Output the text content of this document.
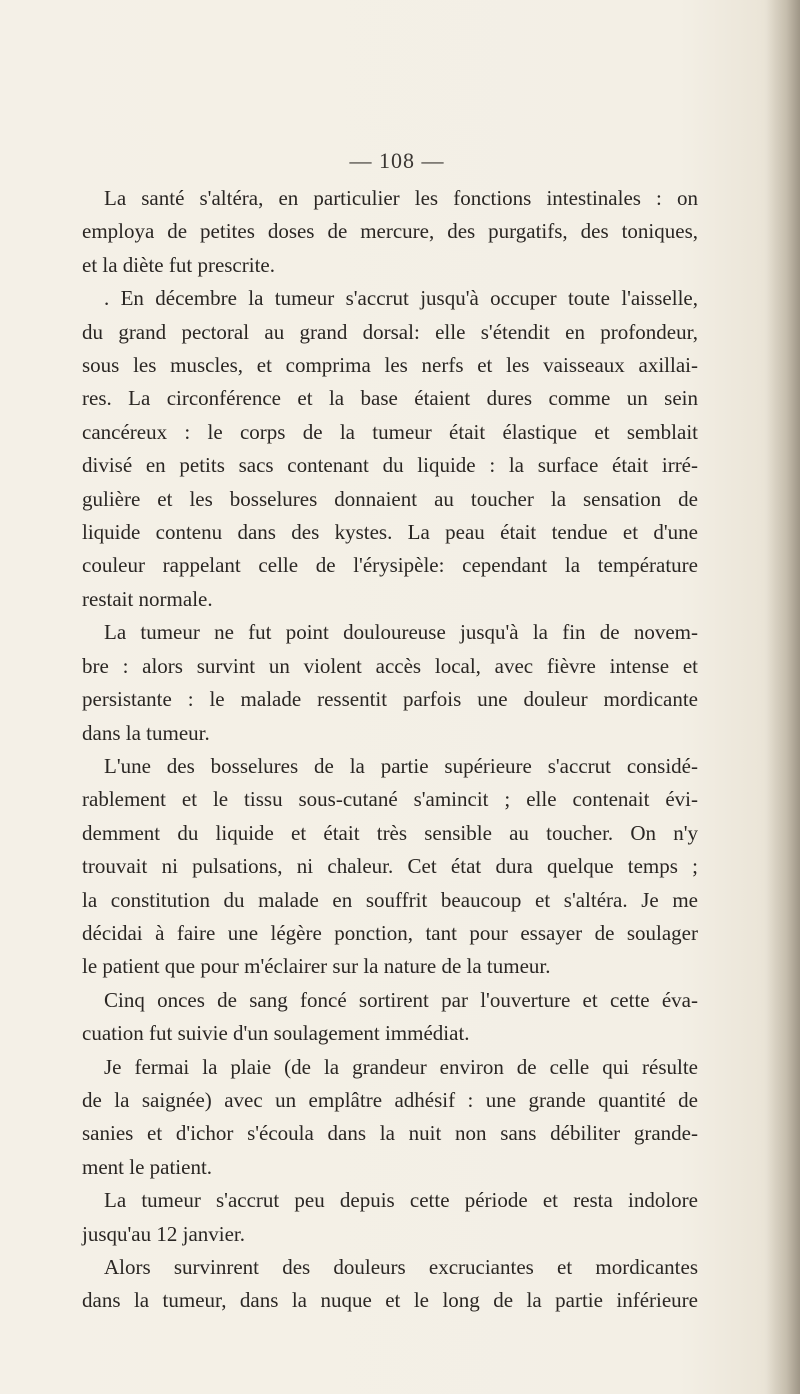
— 108 —

La santé s'altéra, en particulier les fonctions intestinales : on
employa de petites doses de mercure, des purgatifs, des toniques,
et la diète fut prescrite.

. En décembre la tumeur s'accrut jusqu'à occuper toute l'aisselle,
du grand pectoral au grand dorsal: elle s'étendit en profondeur,
sous les muscles, et comprima les nerfs et les vaisseaux axillai-
res. La circonférence et la base étaient dures comme un sein
cancéreux : le corps de la tumeur était élastique et semblait
divisé en petits sacs contenant du liquide : la surface était irré-
gulière et les bosselures donnaient au toucher la sensation de
liquide contenu dans des kystes. La peau était tendue et d'une
couleur rappelant celle de l'érysipèle: cependant la température
restait normale.

La tumeur ne fut point douloureuse jusqu'à la fin de novem-
bre : alors survint un violent accès local, avec fièvre intense et
persistante : le malade ressentit parfois une douleur mordicante
dans la tumeur.

L'une des bosselures de la partie supérieure s'accrut considé-
rablement et le tissu sous-cutané s'amincit ; elle contenait évi-
demment du liquide et était très sensible au toucher. On n'y
trouvait ni pulsations, ni chaleur. Cet état dura quelque temps ;
la constitution du malade en souffrit beaucoup et s'altéra. Je me
décidai à faire une légère ponction, tant pour essayer de soulager
le patient que pour m'éclairer sur la nature de la tumeur.

Cinq onces de sang foncé sortirent par l'ouverture et cette éva-
cuation fut suivie d'un soulagement immédiat.

Je fermai la plaie (de la grandeur environ de celle qui résulte
de la saignée) avec un emplâtre adhésif : une grande quantité de
sanies et d'ichor s'écoula dans la nuit non sans débiliter grande-
ment le patient.

La tumeur s'accrut peu depuis cette période et resta indolore
jusqu'au 12 janvier.

Alors survinrent des douleurs excruciantes et mordicantes
dans la tumeur, dans la nuque et le long de la partie inférieure
